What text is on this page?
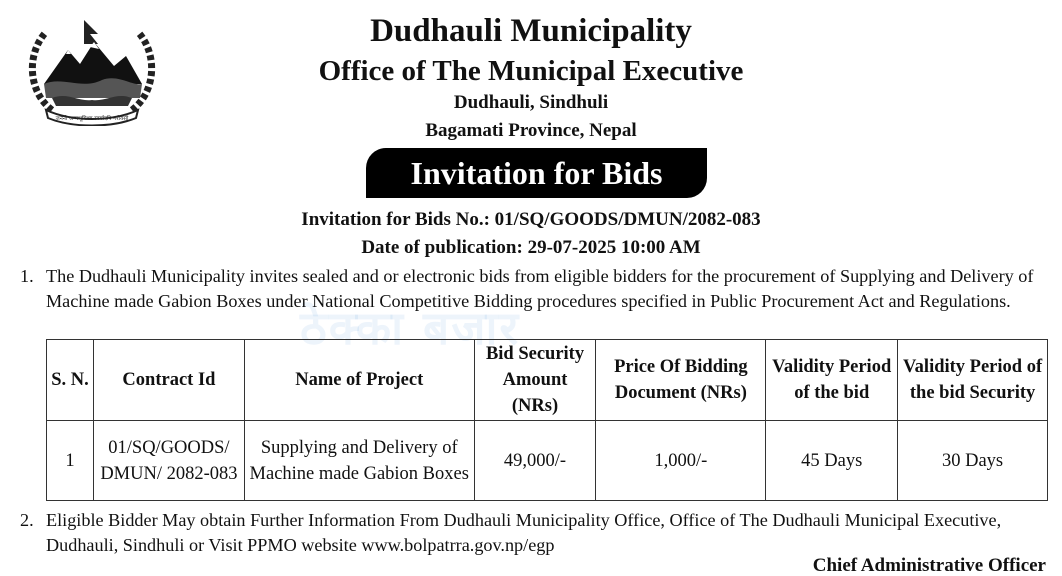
जननी जन्मभूमिश्च स्वर्गादपि गरीयसी
Dudhauli Municipality
Office of The Municipal Executive
Dudhauli, Sindhuli
Bagamati Province, Nepal
Invitation for Bids
Invitation for Bids No.: 01/SQ/GOODS/DMUN/2082-083
Date of publication: 29-07-2025 10:00 AM
ठेक्का बजार
1. The Dudhauli Municipality invites sealed and or electronic bids from eligible bidders for the procurement of Supplying and Delivery of Machine made Gabion Boxes under National Competitive Bidding procedures specified in Public Procurement Act and Regulations.
S. N.	Contract Id	Name of Project	Bid Security Amount (NRs)	Price Of Bidding Document (NRs)	Validity Period of the bid	Validity Period of the bid Security
1	01/SQ/GOODS/ DMUN/ 2082-083	Supplying and Delivery of Machine made Gabion Boxes	49,000/-	1,000/-	45 Days	30 Days
2. Eligible Bidder May obtain Further Information From Dudhauli Municipality Office, Office of The Dudhauli Municipal Executive, Dudhauli, Sindhuli or Visit PPMO website www.bolpatrra.gov.np/egp
Chief Administrative Officer
